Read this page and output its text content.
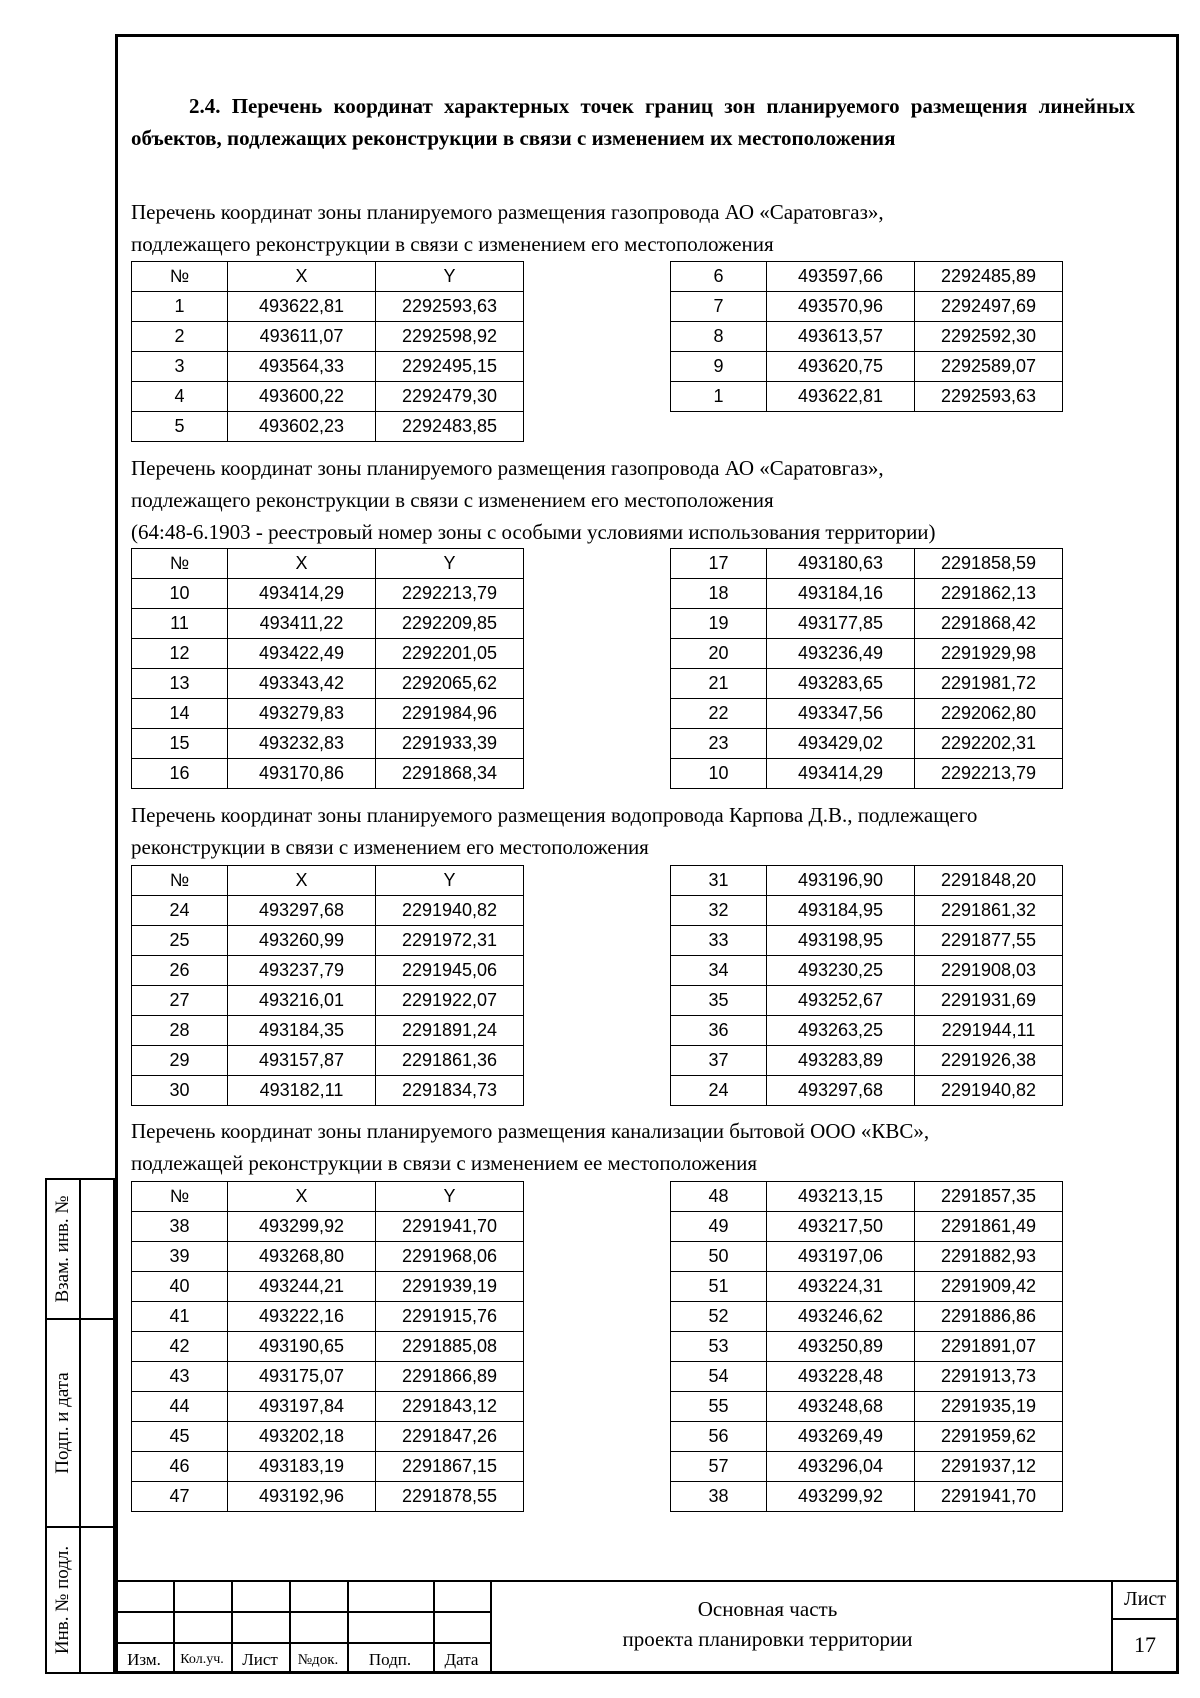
2.4. Перечень координат характерных точек границ зон планируемого размещения линейных объектов, подлежащих реконструкции в связи с изменением их местоположения
Перечень координат зоны планируемого размещения газопровода АО «Саратовгаз»,
подлежащего реконструкции в связи с изменением его местоположения
№	X	Y
1	493622,81	2292593,63
2	493611,07	2292598,92
3	493564,33	2292495,15
4	493600,22	2292479,30
5	493602,23	2292483,85
6	493597,66	2292485,89
7	493570,96	2292497,69
8	493613,57	2292592,30
9	493620,75	2292589,07
1	493622,81	2292593,63
Перечень координат зоны планируемого размещения газопровода АО «Саратовгаз»,
подлежащего реконструкции в связи с изменением его местоположения
(64:48-6.1903 - реестровый номер зоны с особыми условиями использования территории)
№	X	Y
10	493414,29	2292213,79
11	493411,22	2292209,85
12	493422,49	2292201,05
13	493343,42	2292065,62
14	493279,83	2291984,96
15	493232,83	2291933,39
16	493170,86	2291868,34
17	493180,63	2291858,59
18	493184,16	2291862,13
19	493177,85	2291868,42
20	493236,49	2291929,98
21	493283,65	2291981,72
22	493347,56	2292062,80
23	493429,02	2292202,31
10	493414,29	2292213,79
Перечень координат зоны планируемого размещения водопровода Карпова Д.В., подлежащего
реконструкции в связи с изменением его местоположения
№	X	Y
24	493297,68	2291940,82
25	493260,99	2291972,31
26	493237,79	2291945,06
27	493216,01	2291922,07
28	493184,35	2291891,24
29	493157,87	2291861,36
30	493182,11	2291834,73
31	493196,90	2291848,20
32	493184,95	2291861,32
33	493198,95	2291877,55
34	493230,25	2291908,03
35	493252,67	2291931,69
36	493263,25	2291944,11
37	493283,89	2291926,38
24	493297,68	2291940,82
Перечень координат зоны планируемого размещения канализации бытовой ООО «КВС»,
подлежащей реконструкции в связи с изменением ее местоположения
№	X	Y
38	493299,92	2291941,70
39	493268,80	2291968,06
40	493244,21	2291939,19
41	493222,16	2291915,76
42	493190,65	2291885,08
43	493175,07	2291866,89
44	493197,84	2291843,12
45	493202,18	2291847,26
46	493183,19	2291867,15
47	493192,96	2291878,55
48	493213,15	2291857,35
49	493217,50	2291861,49
50	493197,06	2291882,93
51	493224,31	2291909,42
52	493246,62	2291886,86
53	493250,89	2291891,07
54	493228,48	2291913,73
55	493248,68	2291935,19
56	493269,49	2291959,62
57	493296,04	2291937,12
38	493299,92	2291941,70
Взам. инв. №
Подп. и дата
Инв. № подл.
Изм.	Кол.уч.	Лист	№док.	Подп.	Дата
Основная часть
проекта планировки территории
Лист
17
